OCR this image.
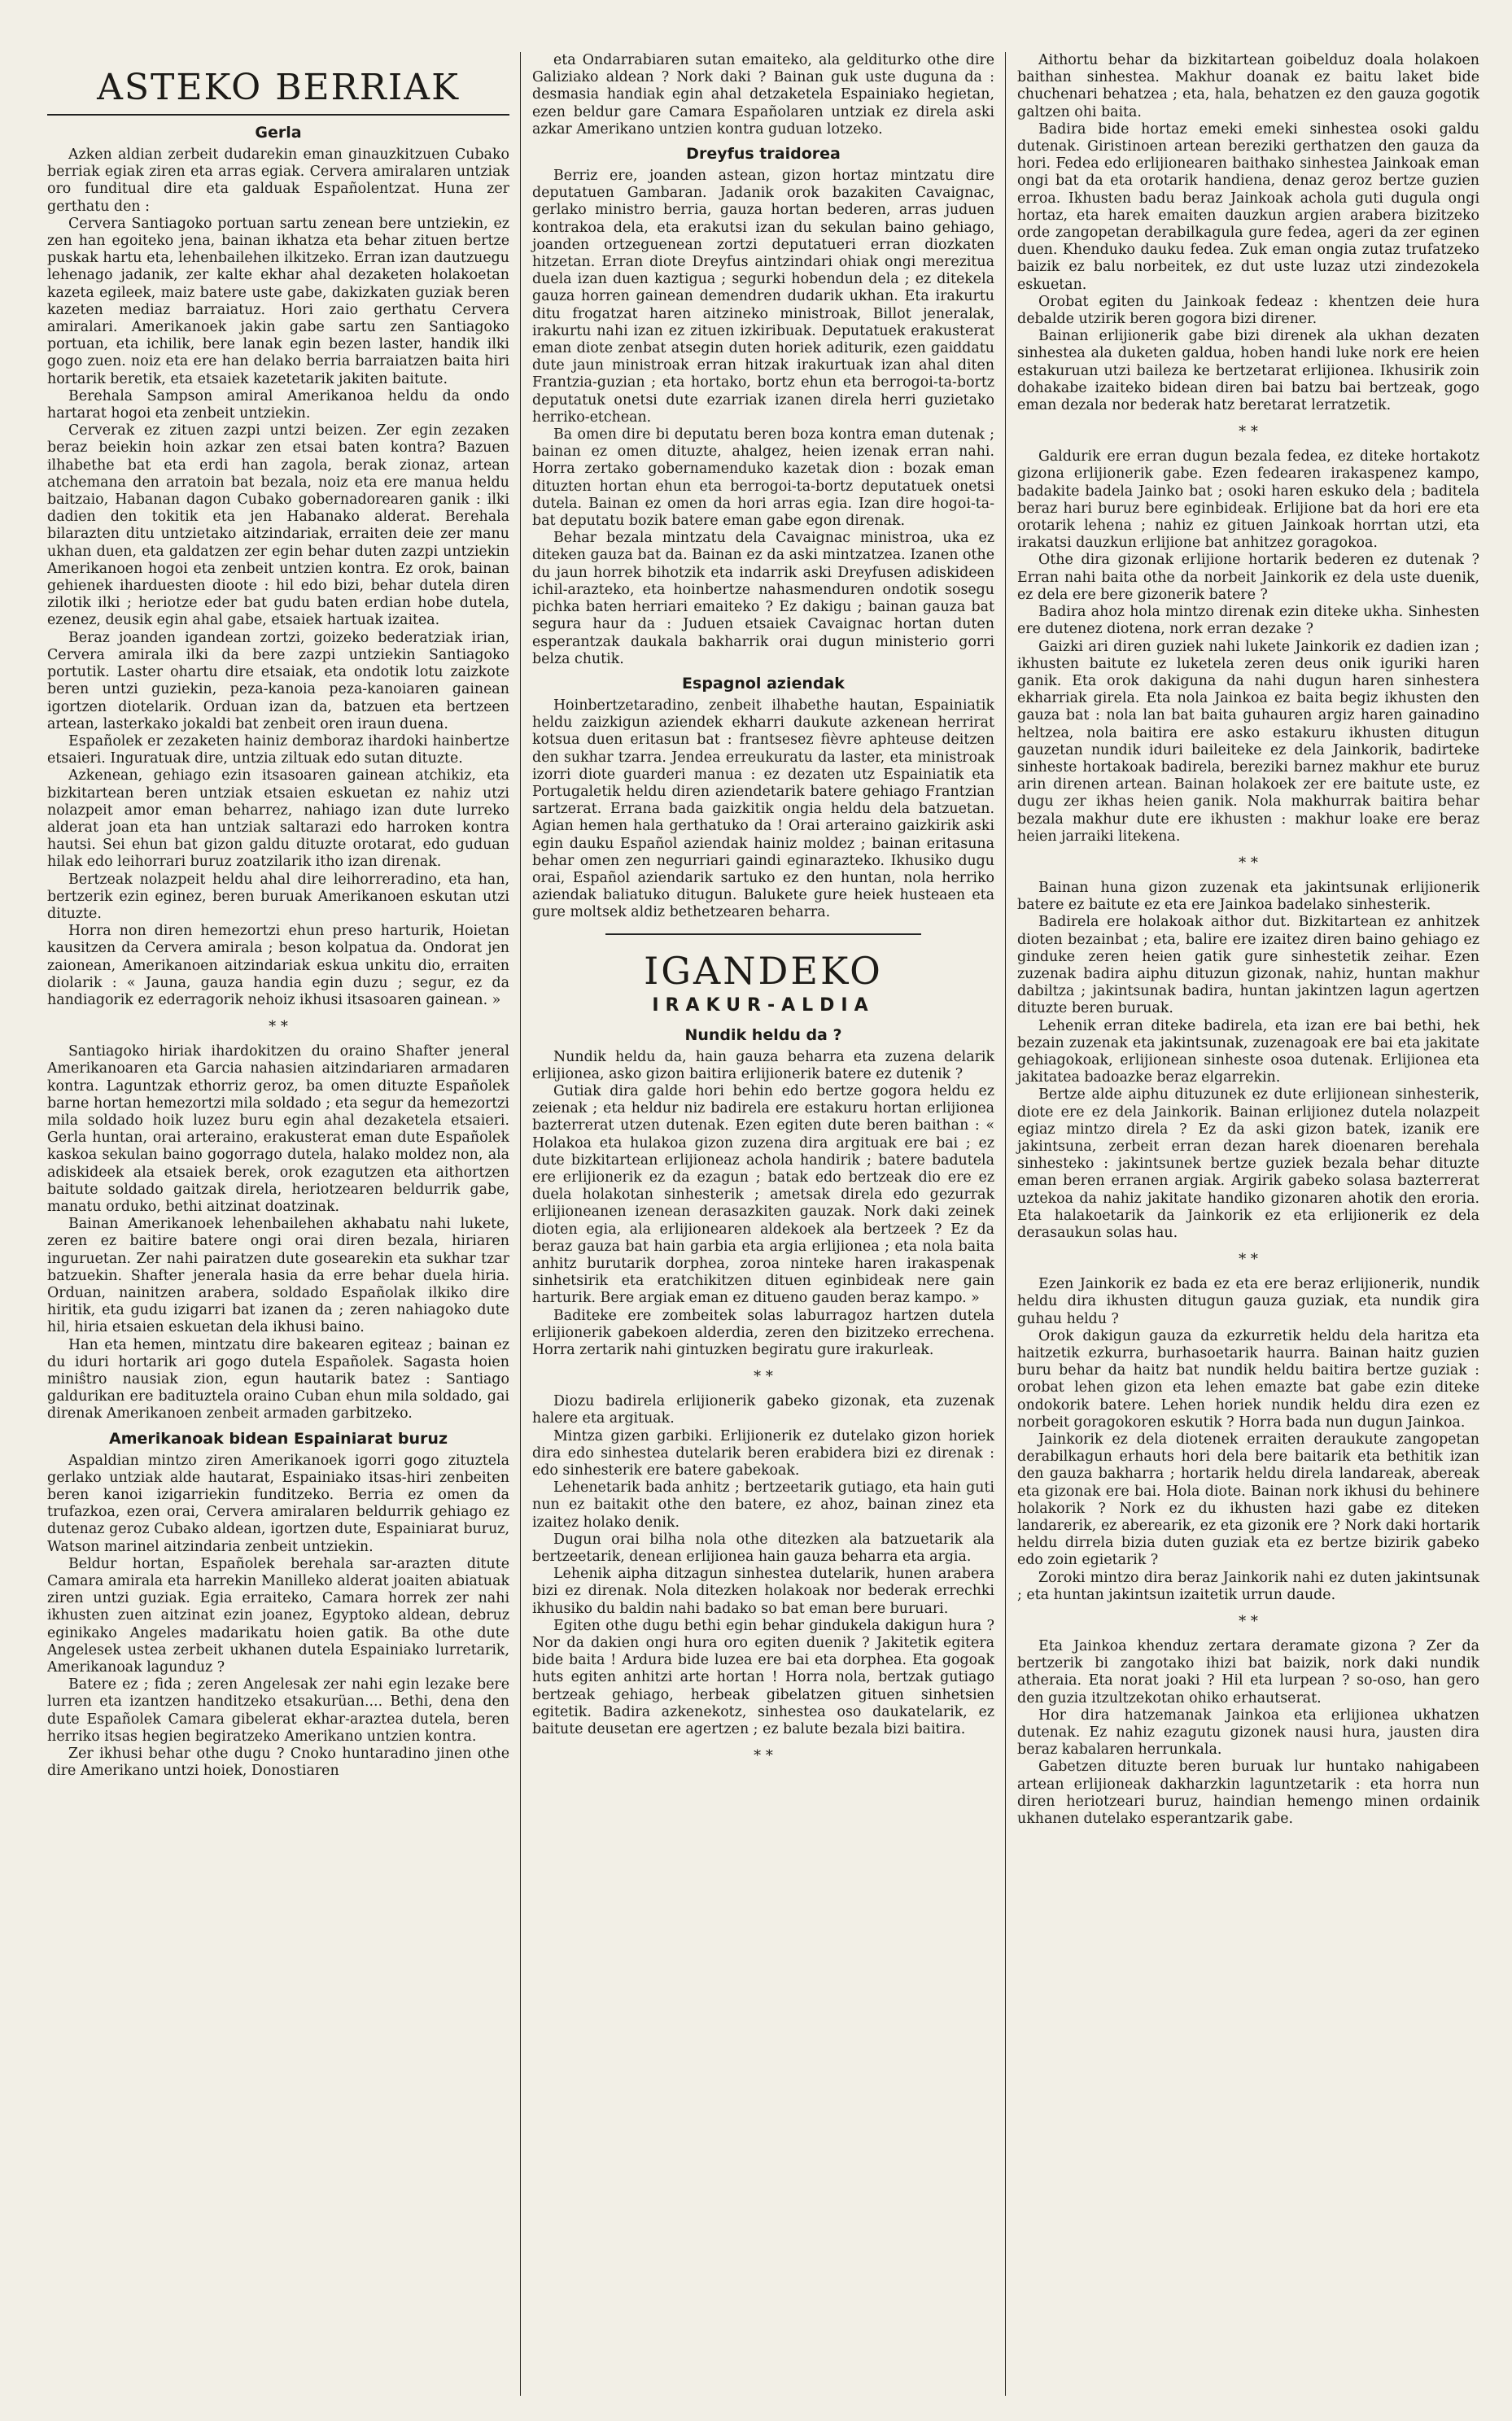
ASTEKO BERRIAK
Gerla

Azken aldian zerbeit dudarekin eman ginauzkitzuen Cubako berriak egiak ziren eta arras egiak. Cervera amiralaren untziak oro funditual dire eta galduak Españolentzat. Huna zer gerthatu den :

Cervera Santiagoko portuan sartu zenean bere untziekin, ez zen han egoiteko jena, bainan ikhatza eta behar zituen bertze puskak hartu eta, lehenbailehen ilkitzeko. Erran izan dautzuegu lehenago jadanik, zer kalte ekhar ahal dezaketen holakoetan kazeta egileek, maiz batere uste gabe, dakizkaten guziak beren kazeten mediaz barraiatuz. Hori zaio gerthatu Cervera amiralari. Amerikanoek jakin gabe sartu zen Santiagoko portuan, eta ichilik, bere lanak egin bezen laster, handik ilki gogo zuen. noiz eta ere han delako berria barraiatzen baita hiri hortarik beretik, eta etsaiek kazetetarik jakiten baitute.

Berehala Sampson amiral Amerikanoa heldu da ondo hartarat hogoi eta zenbeit untziekin.

Cerverak ez zituen zazpi untzi beizen. Zer egin zezaken beraz beiekin hoin azkar zen etsai baten kontra? Bazuen ilhabethe bat eta erdi han zagola, berak zionaz, artean atchemana den arratoin bat bezala, noiz eta ere manua heldu baitzaio, Habanan dagon Cubako gobernadorearen ganik : ilki dadien den tokitik eta jen Habanako alderat. Berehala bilarazten ditu untzietako aitzindariak, erraiten deie zer manu ukhan duen, eta galdatzen zer egin behar duten zazpi untziekin Amerikanoen hogoi eta zenbeit untzien kontra. Ez orok, bainan gehienek iharduesten dioote : hil edo bizi, behar dutela diren zilotik ilki ; heriotze eder bat gudu baten erdian hobe dutela, ezenez, deusik egin ahal gabe, etsaiek hartuak izaitea.

Beraz joanden igandean zortzi, goizeko bederatziak irian, Cervera amirala ilki da bere zazpi untziekin Santiagoko portutik. Laster ohartu dire etsaiak, eta ondotik lotu zaizkote beren untzi guziekin, peza-kanoia peza-kanoiaren gainean igortzen diotelarik. Orduan izan da, batzuen eta bertzeen artean, lasterkako jokaldi bat zenbeit oren iraun duena.

Españolek er zezaketen hainiz demboraz ihardoki hainbertze etsaieri. Inguratuak dire, untzia ziltuak edo sutan dituzte.

Azkenean, gehiago ezin itsasoaren gainean atchikiz, eta bizkitartean beren untziak etsaien eskuetan ez nahiz utzi nolazpeit amor eman beharrez, nahiago izan dute lurreko alderat joan eta han untziak saltarazi edo harroken kontra hautsi. Sei ehun bat gizon galdu dituzte orotarat, edo guduan hilak edo leihorrari buruz zoatzilarik itho izan direnak.

Bertzeak nolazpeit heldu ahal dire leihorreradino, eta han, bertzerik ezin eginez, beren buruak Amerikanoen eskutan utzi dituzte.

Horra non diren hemezortzi ehun preso harturik, Hoietan kausitzen da Cervera amirala ; beson kolpatua da. Ondorat jen zaionean, Amerikanoen aitzindariak eskua unkitu dio, erraiten diolarik : « Jauna, gauza handia egin duzu ; segur, ez da handiagorik ez ederragorik nehoiz ikhusi itsasoaren gainean. »

* *

Santiagoko hiriak ihardokitzen du oraino Shafter jeneral Amerikanoaren eta Garcia nahasien aitzindariaren armadaren kontra. Laguntzak ethorriz geroz, ba omen dituzte Españolek barne hortan hemezortzi mila soldado ; eta segur da hemezortzi mila soldado hoik luzez buru egin ahal dezaketela etsaieri. Gerla huntan, orai arteraino, erakusterat eman dute Españolek kaskoa sekulan baino gogorrago dutela, halako moldez non, ala adiskideek ala etsaiek berek, orok ezagutzen eta aithortzen baitute soldado gaitzak direla, heriotzearen beldurrik gabe, manatu orduko, bethi aitzinat doatzinak.

Bainan Amerikanoek lehenbailehen akhabatu nahi lukete, zeren ez baitire batere ongi orai diren bezala, hiriaren inguruetan. Zer nahi pairatzen dute gosearekin eta sukhar tzar batzuekin. Shafter jenerala hasia da erre behar duela hiria. Orduan, nainitzen arabera, soldado Españolak ilkiko dire hiritik, eta gudu izigarri bat izanen da ; zeren nahiagoko dute hil, hiria etsaien eskuetan dela ikhusi baino.

Han eta hemen, mintzatu dire bakearen egiteaz ; bainan ez du iduri hortarik ari gogo dutela Españolek. Sagasta hoien miniŝtro nausiak zion, egun hautarik batez : Santiago galdurikan ere badituztela oraino Cuban ehun mila soldado, gai direnak Amerikanoen zenbeit armaden garbitzeko.

Amerikanoak bidean Espainiarat buruz

Aspaldian mintzo ziren Amerikanoek igorri gogo zituztela gerlako untziak alde hautarat, Espainiako itsas-hiri zenbeiten beren kanoi izigarriekin funditzeko. Berria ez omen da trufazkoa, ezen orai, Cervera amiralaren beldurrik gehiago ez dutenaz geroz Cubako aldean, igortzen dute, Espainiarat buruz, Watson marinel aitzindaria zenbeit untziekin.

Beldur hortan, Españolek berehala sar-arazten ditute Camara amirala eta harrekin Manilleko alderat joaiten abiatuak ziren untzi guziak. Egia erraiteko, Camara horrek zer nahi ikhusten zuen aitzinat ezin joanez, Egyptoko aldean, debruz eginikako Angeles madarikatu hoien gatik. Ba othe dute Angelesek ustea zerbeit ukhanen dutela Espainiako lurretarik, Amerikanoak lagunduz ?

Batere ez ; fida ; zeren Angelesak zer nahi egin lezake bere lurren eta izantzen handitzeko etsakurüan.... Bethi, dena den dute Españolek Camara gibelerat ekhar-araztea dutela, beren herriko itsas hegien begiratzeko Amerikano untzien kontra.

Zer ikhusi behar othe dugu ? Cnoko huntaradino jinen othe dire Amerikano untzi hoiek, Donostiaren

eta Ondarrabiaren sutan emaiteko, ala gelditurko othe dire Galiziako aldean ? Nork daki ? Bainan guk uste duguna da : desmasia handiak egin ahal detzaketela Espainiako hegietan, ezen beldur gare Camara Españolaren untziak ez direla aski azkar Amerikano untzien kontra guduan lotzeko.

Dreyfus traidorea

Berriz ere, joanden astean, gizon hortaz mintzatu dire deputatuen Gambaran. Jadanik orok bazakiten Cavaignac, gerlako ministro berria, gauza hortan bederen, arras juduen kontrakoa dela, eta erakutsi izan du sekulan baino gehiago, joanden ortzeguenean zortzi deputatueri erran diozkaten hitzetan. Erran diote Dreyfus aintzindari ohiak ongi merezitua duela izan duen kaztigua ; segurki hobendun dela ; ez ditekela gauza horren gainean demendren dudarik ukhan. Eta irakurtu ditu frogatzat haren aitzineko ministroak, Billot jeneralak, irakurtu nahi izan ez zituen izkiribuak. Deputatuek erakusterat eman diote zenbat atsegin duten horiek aditurik, ezen gaiddatu dute jaun ministroak erran hitzak irakurtuak izan ahal diten Frantzia-guzian ; eta hortako, bortz ehun eta berrogoi-ta-bortz deputatuk onetsi dute ezarriak izanen direla herri guzietako herriko-etchean.

Ba omen dire bi deputatu beren boza kontra eman dutenak ; bainan ez omen dituzte, ahalgez, heien izenak erran nahi. Horra zertako gobernamenduko kazetak dion : bozak eman dituzten hortan ehun eta berrogoi-ta-bortz deputatuek onetsi dutela. Bainan ez omen da hori arras egia. Izan dire hogoi-ta-bat deputatu bozik batere eman gabe egon direnak.

Behar bezala mintzatu dela Cavaignac ministroa, uka ez diteken gauza bat da. Bainan ez da aski mintzatzea. Izanen othe du jaun horrek bihotzik eta indarrik aski Dreyfusen adiskideen ichil-arazteko, eta hoinbertze nahasmenduren ondotik sosegu pichka baten herriari emaiteko ? Ez dakigu ; bainan gauza bat segura haur da : Juduen etsaiek Cavaignac hortan duten esperantzak daukala bakharrik orai dugun ministerio gorri belza chutik.

Espagnol aziendak

Hoinbertzetaradino, zenbeit ilhabethe hautan, Espainiatik heldu zaizkigun aziendek ekharri daukute azkenean herrirat kotsua duen eritasun bat : frantsesez fièvre aphteuse deitzen den sukhar tzarra. Jendea erreukuratu da laster, eta ministroak izorri diote guarderi manua : ez dezaten utz Espainiatik eta Portugaletik heldu diren aziendetarik batere gehiago Frantzian sartzerat. Errana bada gaizkitik ongia heldu dela batzuetan. Agian hemen hala gerthatuko da ! Orai arteraino gaizkirik aski egin dauku Español aziendak hainiz moldez ; bainan eritasuna behar omen zen negurriari gaindi eginarazteko. Ikhusiko dugu orai, Español aziendarik sartuko ez den huntan, nola herriko aziendak baliatuko ditugun. Balukete gure heiek husteaen eta gure moltsek aldiz bethetzearen beharra.

IGANDEKO
IRAKUR-ALDIA
Nundik heldu da ?

Nundik heldu da, hain gauza beharra eta zuzena delarik erlijionea, asko gizon baitira erlijionerik batere ez dutenik ?

Gutiak dira galde hori behin edo bertze gogora heldu ez zeienak ; eta heldur niz badirela ere estakuru hortan erlijionea bazterrerat utzen dutenak. Ezen egiten dute beren baithan : « Holakoa eta hulakoa gizon zuzena dira argituak ere bai ; ez dute bizkitartean erlijioneaz achola handirik ; batere badutela ere erlijionerik ez da ezagun ; batak edo bertzeak dio ere ez duela holakotan sinhesterik ; ametsak direla edo gezurrak erlijioneanen izenean derasazkiten gauzak. Nork daki zeinek dioten egia, ala erlijionearen aldekoek ala bertzeek ? Ez da beraz gauza bat hain garbia eta argia erlijionea ; eta nola baita anhitz burutarik dorphea, zoroa ninteke haren irakaspenak sinhetsirik eta eratchikitzen dituen eginbideak nere gain harturik. Bere argiak eman ez ditueno gauden beraz kampo. »

Baditeke ere zombeitek solas laburragoz hartzen dutela erlijionerik gabekoen alderdia, zeren den bizitzeko errechena. Horra zertarik nahi gintuzken begiratu gure irakurleak.

* *

Diozu badirela erlijionerik gabeko gizonak, eta zuzenak halere eta argituak.

Mintza gizen garbiki. Erlijionerik ez dutelako gizon horiek dira edo sinhestea dutelarik beren erabidera bizi ez direnak : edo sinhesterik ere batere gabekoak.

Lehenetarik bada anhitz ; bertzeetarik gutiago, eta hain guti nun ez baitakit othe den batere, ez ahoz, bainan zinez eta izaitez holako denik.

Dugun orai bilha nola othe ditezken ala batzuetarik ala bertzeetarik, denean erlijionea hain gauza beharra eta argia.

Lehenik aipha ditzagun sinhestea dutelarik, hunen arabera bizi ez direnak. Nola ditezken holakoak nor bederak errechki ikhusiko du baldin nahi badako so bat eman bere buruari.

Egiten othe dugu bethi egin behar gindukela dakigun hura ? Nor da dakien ongi hura oro egiten duenik ? Jakitetik egitera bide baita ! Ardura bide luzea ere bai eta dorphea. Eta gogoak huts egiten anhitzi arte hortan ! Horra nola, bertzak gutiago bertzeak gehiago, herbeak gibelatzen gituen sinhetsien egitetik. Badira azkenekotz, sinhestea oso daukatelarik, ez baitute deusetan ere agertzen ; ez balute bezala bizi baitira.

* *

Aithortu behar da bizkitartean goibelduz doala holakoen baithan sinhestea. Makhur doanak ez baitu laket bide chuchenari behatzea ; eta, hala, behatzen ez den gauza gogotik galtzen ohi baita.

Badira bide hortaz emeki emeki sinhestea osoki galdu dutenak. Giristinoen artean bereziki gerthatzen den gauza da hori. Fedea edo erlijionearen baithako sinhestea Jainkoak eman ongi bat da eta orotarik handiena, denaz geroz bertze guzien erroa. Ikhusten badu beraz Jainkoak achola guti dugula ongi hortaz, eta harek emaiten dauzkun argien arabera bizitzeko orde zangopetan derabilkagula gure fedea, ageri da zer eginen duen. Khenduko dauku fedea. Zuk eman ongia zutaz trufatzeko baizik ez balu norbeitek, ez dut uste luzaz utzi zindezokela eskuetan.

Orobat egiten du Jainkoak fedeaz : khentzen deie hura debalde utzirik beren gogora bizi direner.

Bainan erlijionerik gabe bizi direnek ala ukhan dezaten sinhestea ala duketen galdua, hoben handi luke nork ere heien estakuruan utzi baileza ke bertzetarat erlijionea. Ikhusirik zoin dohakabe izaiteko bidean diren bai batzu bai bertzeak, gogo eman dezala nor bederak hatz beretarat lerratzetik.

* *

Galdurik ere erran dugun bezala fedea, ez diteke hortakotz gizona erlijionerik gabe. Ezen fedearen irakaspenez kampo, badakite badela Jainko bat ; osoki haren eskuko dela ; baditela beraz hari buruz bere eginbideak. Erlijione bat da hori ere eta orotarik lehena ; nahiz ez gituen Jainkoak horrtan utzi, eta irakatsi dauzkun erlijione bat anhitzez goragokoa.

Othe dira gizonak erlijione hortarik bederen ez dutenak ? Erran nahi baita othe da norbeit Jainkorik ez dela uste duenik, ez dela ere bere gizonerik batere ?

Badira ahoz hola mintzo direnak ezin diteke ukha. Sinhesten ere dutenez diotena, nork erran dezake ?

Gaizki ari diren guziek nahi lukete Jainkorik ez dadien izan ; ikhusten baitute ez luketela zeren deus onik iguriki haren ganik. Eta orok dakiguna da nahi dugun haren sinhestera ekharriak girela. Eta nola Jainkoa ez baita begiz ikhusten den gauza bat : nola lan bat baita guhauren argiz haren gainadino heltzea, nola baitira ere asko estakuru ikhusten ditugun gauzetan nundik iduri baileiteke ez dela Jainkorik, badirteke sinheste hortakoak badirela, bereziki barnez makhur ete buruz arin direnen artean. Bainan holakoek zer ere baitute uste, ez dugu zer ikhas heien ganik. Nola makhurrak baitira behar bezala makhur dute ere ikhusten : makhur loake ere beraz heien jarraiki litekena.

* *

Bainan huna gizon zuzenak eta jakintsunak erlijionerik batere ez baitute ez eta ere Jainkoa badelako sinhesterik.

Badirela ere holakoak aithor dut. Bizkitartean ez anhitzek dioten bezainbat ; eta, balire ere izaitez diren baino gehiago ez ginduke zeren heien gatik gure sinhestetik zeihar. Ezen zuzenak badira aiphu dituzun gizonak, nahiz, huntan makhur dabiltza ; jakintsunak badira, huntan jakintzen lagun agertzen dituzte beren buruak.

Lehenik erran diteke badirela, eta izan ere bai bethi, hek bezain zuzenak eta jakintsunak, zuzenagoak ere bai eta jakitate gehiagokoak, erlijionean sinheste osoa dutenak. Erlijionea eta jakitatea badoazke beraz elgarrekin.

Bertze alde aiphu dituzunek ez dute erlijionean sinhesterik, diote ere ez dela Jainkorik. Bainan erlijionez dutela nolazpeit egiaz mintzo direla ? Ez da aski gizon batek, izanik ere jakintsuna, zerbeit erran dezan harek dioenaren berehala sinhesteko : jakintsunek bertze guziek bezala behar dituzte eman beren erranen argiak. Argirik gabeko solasa bazterrerat uztekoa da nahiz jakitate handiko gizonaren ahotik den eroria. Eta halakoetarik da Jainkorik ez eta erlijionerik ez dela derasaukun solas hau.

* *

Ezen Jainkorik ez bada ez eta ere beraz erlijionerik, nundik heldu dira ikhusten ditugun gauza guziak, eta nundik gira guhau heldu ?

Orok dakigun gauza da ezkurretik heldu dela haritza eta haitzetik ezkurra, burhasoetarik haurra. Bainan haitz guzien buru behar da haitz bat nundik heldu baitira bertze guziak : orobat lehen gizon eta lehen emazte bat gabe ezin diteke ondokorik batere. Lehen horiek nundik heldu dira ezen ez norbeit goragokoren eskutik ? Horra bada nun dugun Jainkoa.

Jainkorik ez dela diotenek erraiten deraukute zangopetan derabilkagun erhauts hori dela bere baitarik eta bethitik izan den gauza bakharra ; hortarik heldu direla landareak, abereak eta gizonak ere bai. Hola diote. Bainan nork ikhusi du behinere holakorik ? Nork ez du ikhusten hazi gabe ez diteken landarerik, ez aberearik, ez eta gizonik ere ? Nork daki hortarik heldu dirrela bizia duten guziak eta ez bertze bizirik gabeko edo zoin egietarik ?

Zoroki mintzo dira beraz Jainkorik nahi ez duten jakintsunak ; eta huntan jakintsun izaitetik urrun daude.

* *

Eta Jainkoa khenduz zertara deramate gizona ? Zer da bertzerik bi zangotako ihizi bat baizik, nork daki nundik atheraia. Eta norat joaki ? Hil eta lurpean ? so-oso, han gero den guzia itzultzekotan ohiko erhautserat.

Hor dira hatzemanak Jainkoa eta erlijionea ukhatzen dutenak. Ez nahiz ezagutu gizonek nausi hura, jausten dira beraz kabalaren herrunkala.

Gabetzen dituzte beren buruak lur huntako nahigabeen artean erlijioneak dakharzkin laguntzetarik : eta horra nun diren heriotzeari buruz, haindian hemengo minen ordainik ukhanen dutelako esperantzarik gabe.
